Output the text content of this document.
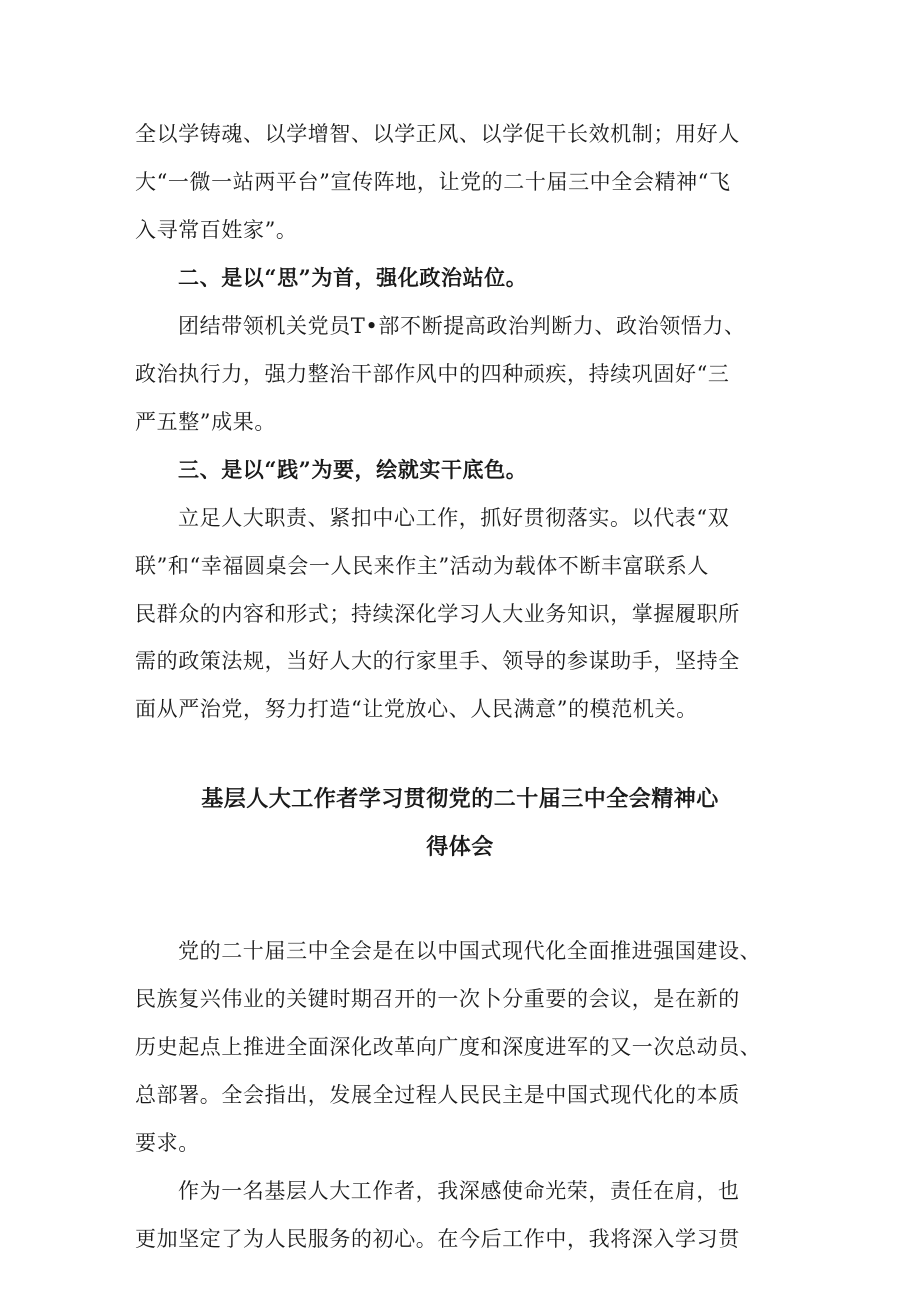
全以学铸魂、以学增智、以学正风、以学促干长效机制；用好人
大“一微一站两平台”宣传阵地，让党的二十届三中全会精神“飞
入寻常百姓家”。
二、是以“思”为首，强化政治站位。
团结带领机关党员T•部不断提高政治判断力、政治领悟力、
政治执行力，强力整治干部作风中的四种顽疾，持续巩固好“三
严五整”成果。
三、是以“践”为要，绘就实干底色。
立足人大职责、紧扣中心工作，抓好贯彻落实。以代表“双
联”和“幸福圆桌会一人民来作主”活动为载体不断丰富联系人
民群众的内容和形式；持续深化学习人大业务知识，掌握履职所
需的政策法规，当好人大的行家里手、领导的参谋助手，坚持全
面从严治党，努力打造“让党放心、人民满意”的模范机关。
基层人大工作者学习贯彻党的二十届三中全会精神心
得体会
党的二十届三中全会是在以中国式现代化全面推进强国建设、
民族复兴伟业的关键时期召开的一次卜分重要的会议，是在新的
历史起点上推进全面深化改革向广度和深度进军的又一次总动员、
总部署。全会指出，发展全过程人民民主是中国式现代化的本质
要求。
作为一名基层人大工作者，我深感使命光荣，责任在肩，也
更加坚定了为人民服务的初心。在今后工作中，我将深入学习贯
